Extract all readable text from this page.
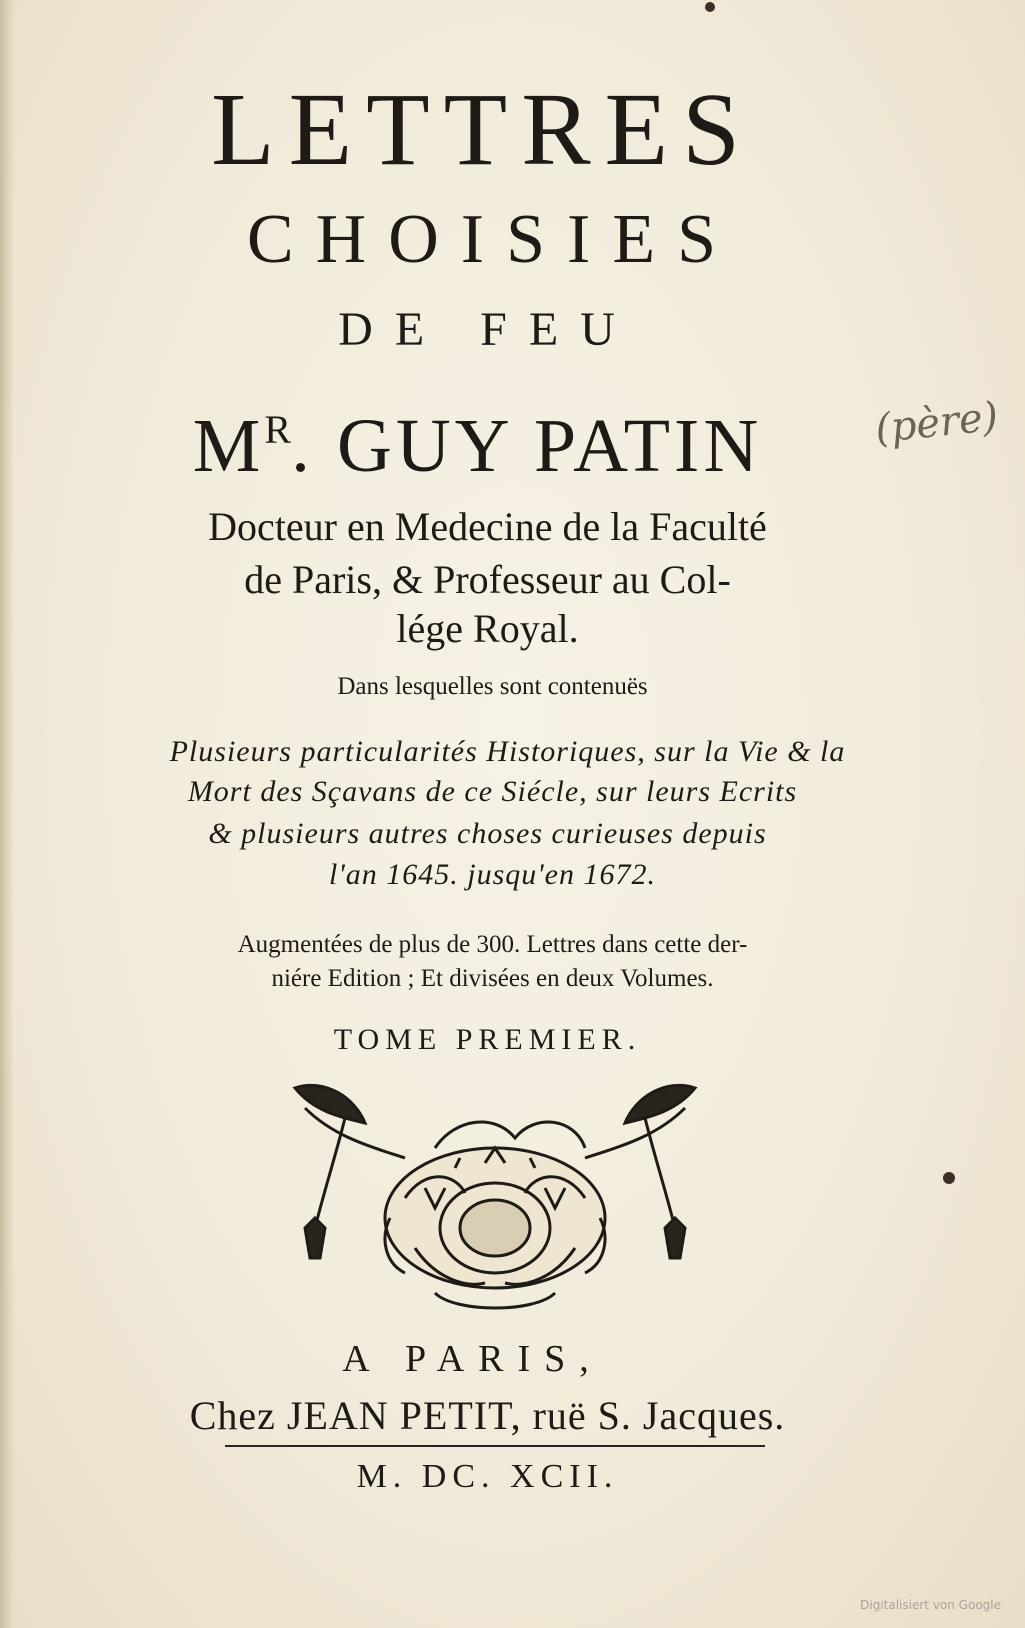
LETTRES
CHOISIES
DE FEU
$M^R$. GUY PATIN	(père)
Docteur en Medecine de la Faculté
de Paris, & Professeur au Col-
lége Royal.
Dans lesquelles sont contenuës
Plusieurs particularités Historiques, sur la Vie & la
Mort des Sçavans de ce Siécle, sur leurs Ecrits
& plusieurs autres choses curieuses depuis
l'an 1645. jusqu'en 1672.
Augmentées de plus de 300. Lettres dans cette der-
niére Edition ; Et divisées en deux Volumes.
TOME PREMIER.
A PARIS,
Chez JEAN PETIT, ruë S. Jacques.
M. DC. XCII.
Digitalisiert von Google
